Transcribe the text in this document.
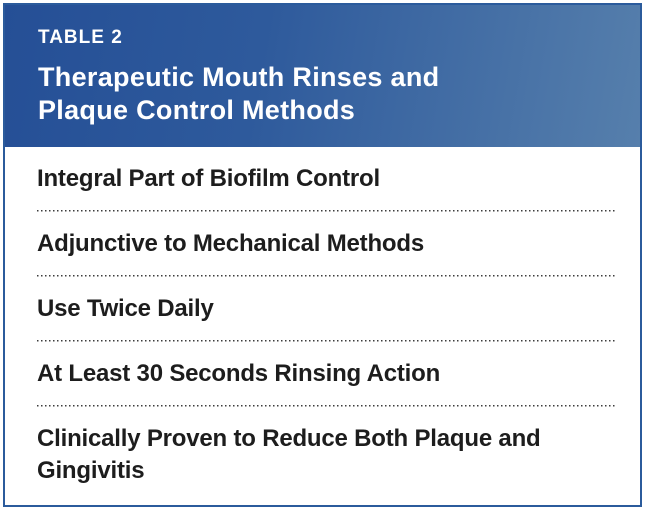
TABLE 2
Therapeutic Mouth Rinses and
Plaque Control Methods
Integral Part of Biofilm Control
Adjunctive to Mechanical Methods
Use Twice Daily
At Least 30 Seconds Rinsing Action
Clinically Proven to Reduce Both Plaque and Gingivitis
